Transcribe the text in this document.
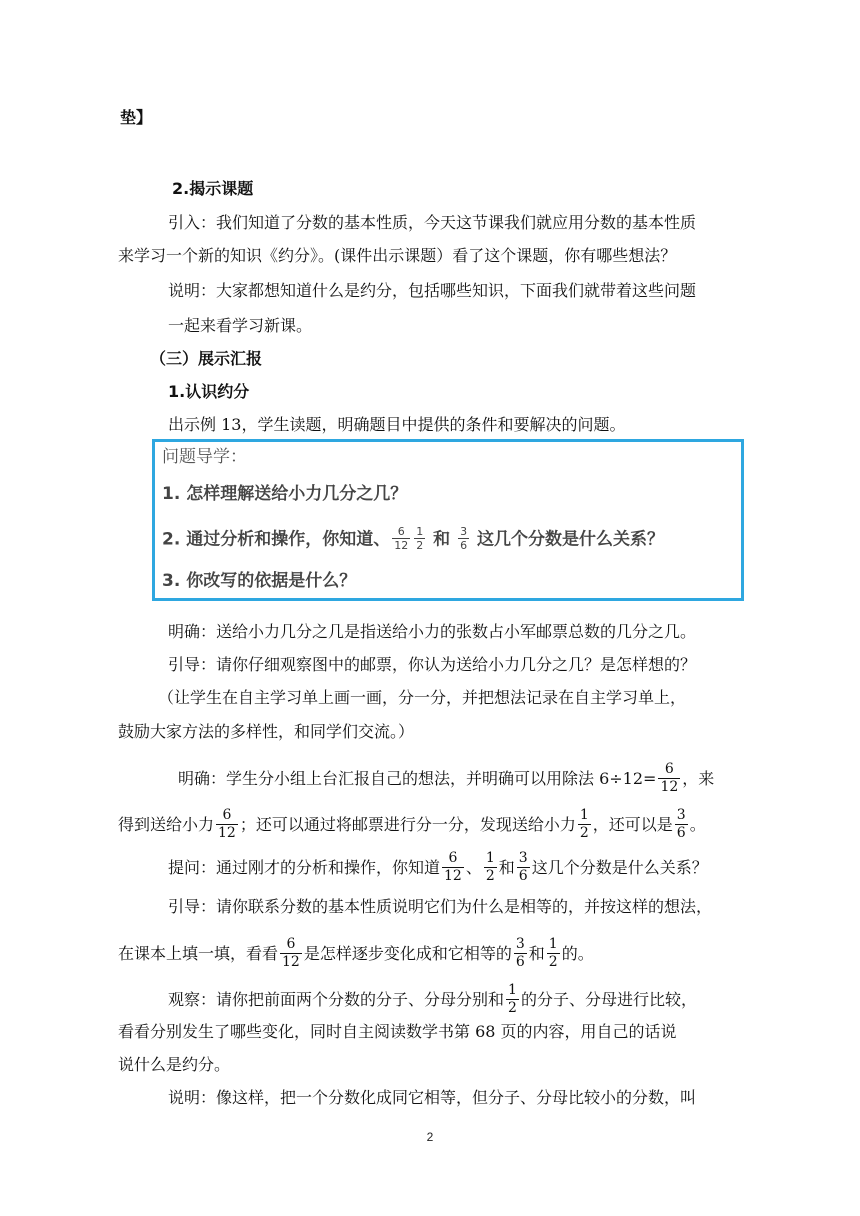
垫】
2.揭示课题
引入：我们知道了分数的基本性质，今天这节课我们就应用分数的基本性质
来学习一个新的知识《约分》。(课件出示课题）看了这个课题，你有哪些想法？
说明：大家都想知道什么是约分，包括哪些知识，下面我们就带着这些问题
一起来看学习新课。
（三）展示汇报
1.认识约分
出示例 13，学生读题，明确题目中提供的条件和要解决的问题。
问题导学：
1. 怎样理解送给小力几分之几？
2. 通过分析和操作，你知道、 $\frac{6}{12} \frac{1}{2}$ 和 $\frac{3}{6}$ 这几个分数是什么关系？
3. 你改写的依据是什么？
明确：送给小力几分之几是指送给小力的张数占小军邮票总数的几分之几。
引导：请你仔细观察图中的邮票，你认为送给小力几分之几？是怎样想的？
（让学生在自主学习单上画一画，分一分，并把想法记录在自主学习单上，
鼓励大家方法的多样性，和同学们交流。）
明确：学生分小组上台汇报自己的想法，并明确可以用除法 $6\div 12= \frac{6}{12}$ ，来
得到送给小力 $\frac{6}{12}$ ；还可以通过将邮票进行分一分，发现送给小力 $\frac{1}{2}$ ，还可以是 $\frac{3}{6}$ 。
提问：通过刚才的分析和操作，你知道 $\frac{6}{12}$ 、 $\frac{1}{2}$ 和 $\frac{3}{6}$ 这几个分数是什么关系？
引导：请你联系分数的基本性质说明它们为什么是相等的，并按这样的想法，
在课本上填一填，看看 $\frac{6}{12}$ 是怎样逐步变化成和它相等的 $\frac{3}{6}$ 和 $\frac{1}{2}$ 的。
观察：请你把前面两个分数的分子、分母分别和 $\frac{1}{2}$ 的分子、分母进行比较，
看看分别发生了哪些变化，同时自主阅读数学书第 68 页的内容，用自己的话说
说什么是约分。
说明：像这样，把一个分数化成同它相等，但分子、分母比较小的分数，叫
2
